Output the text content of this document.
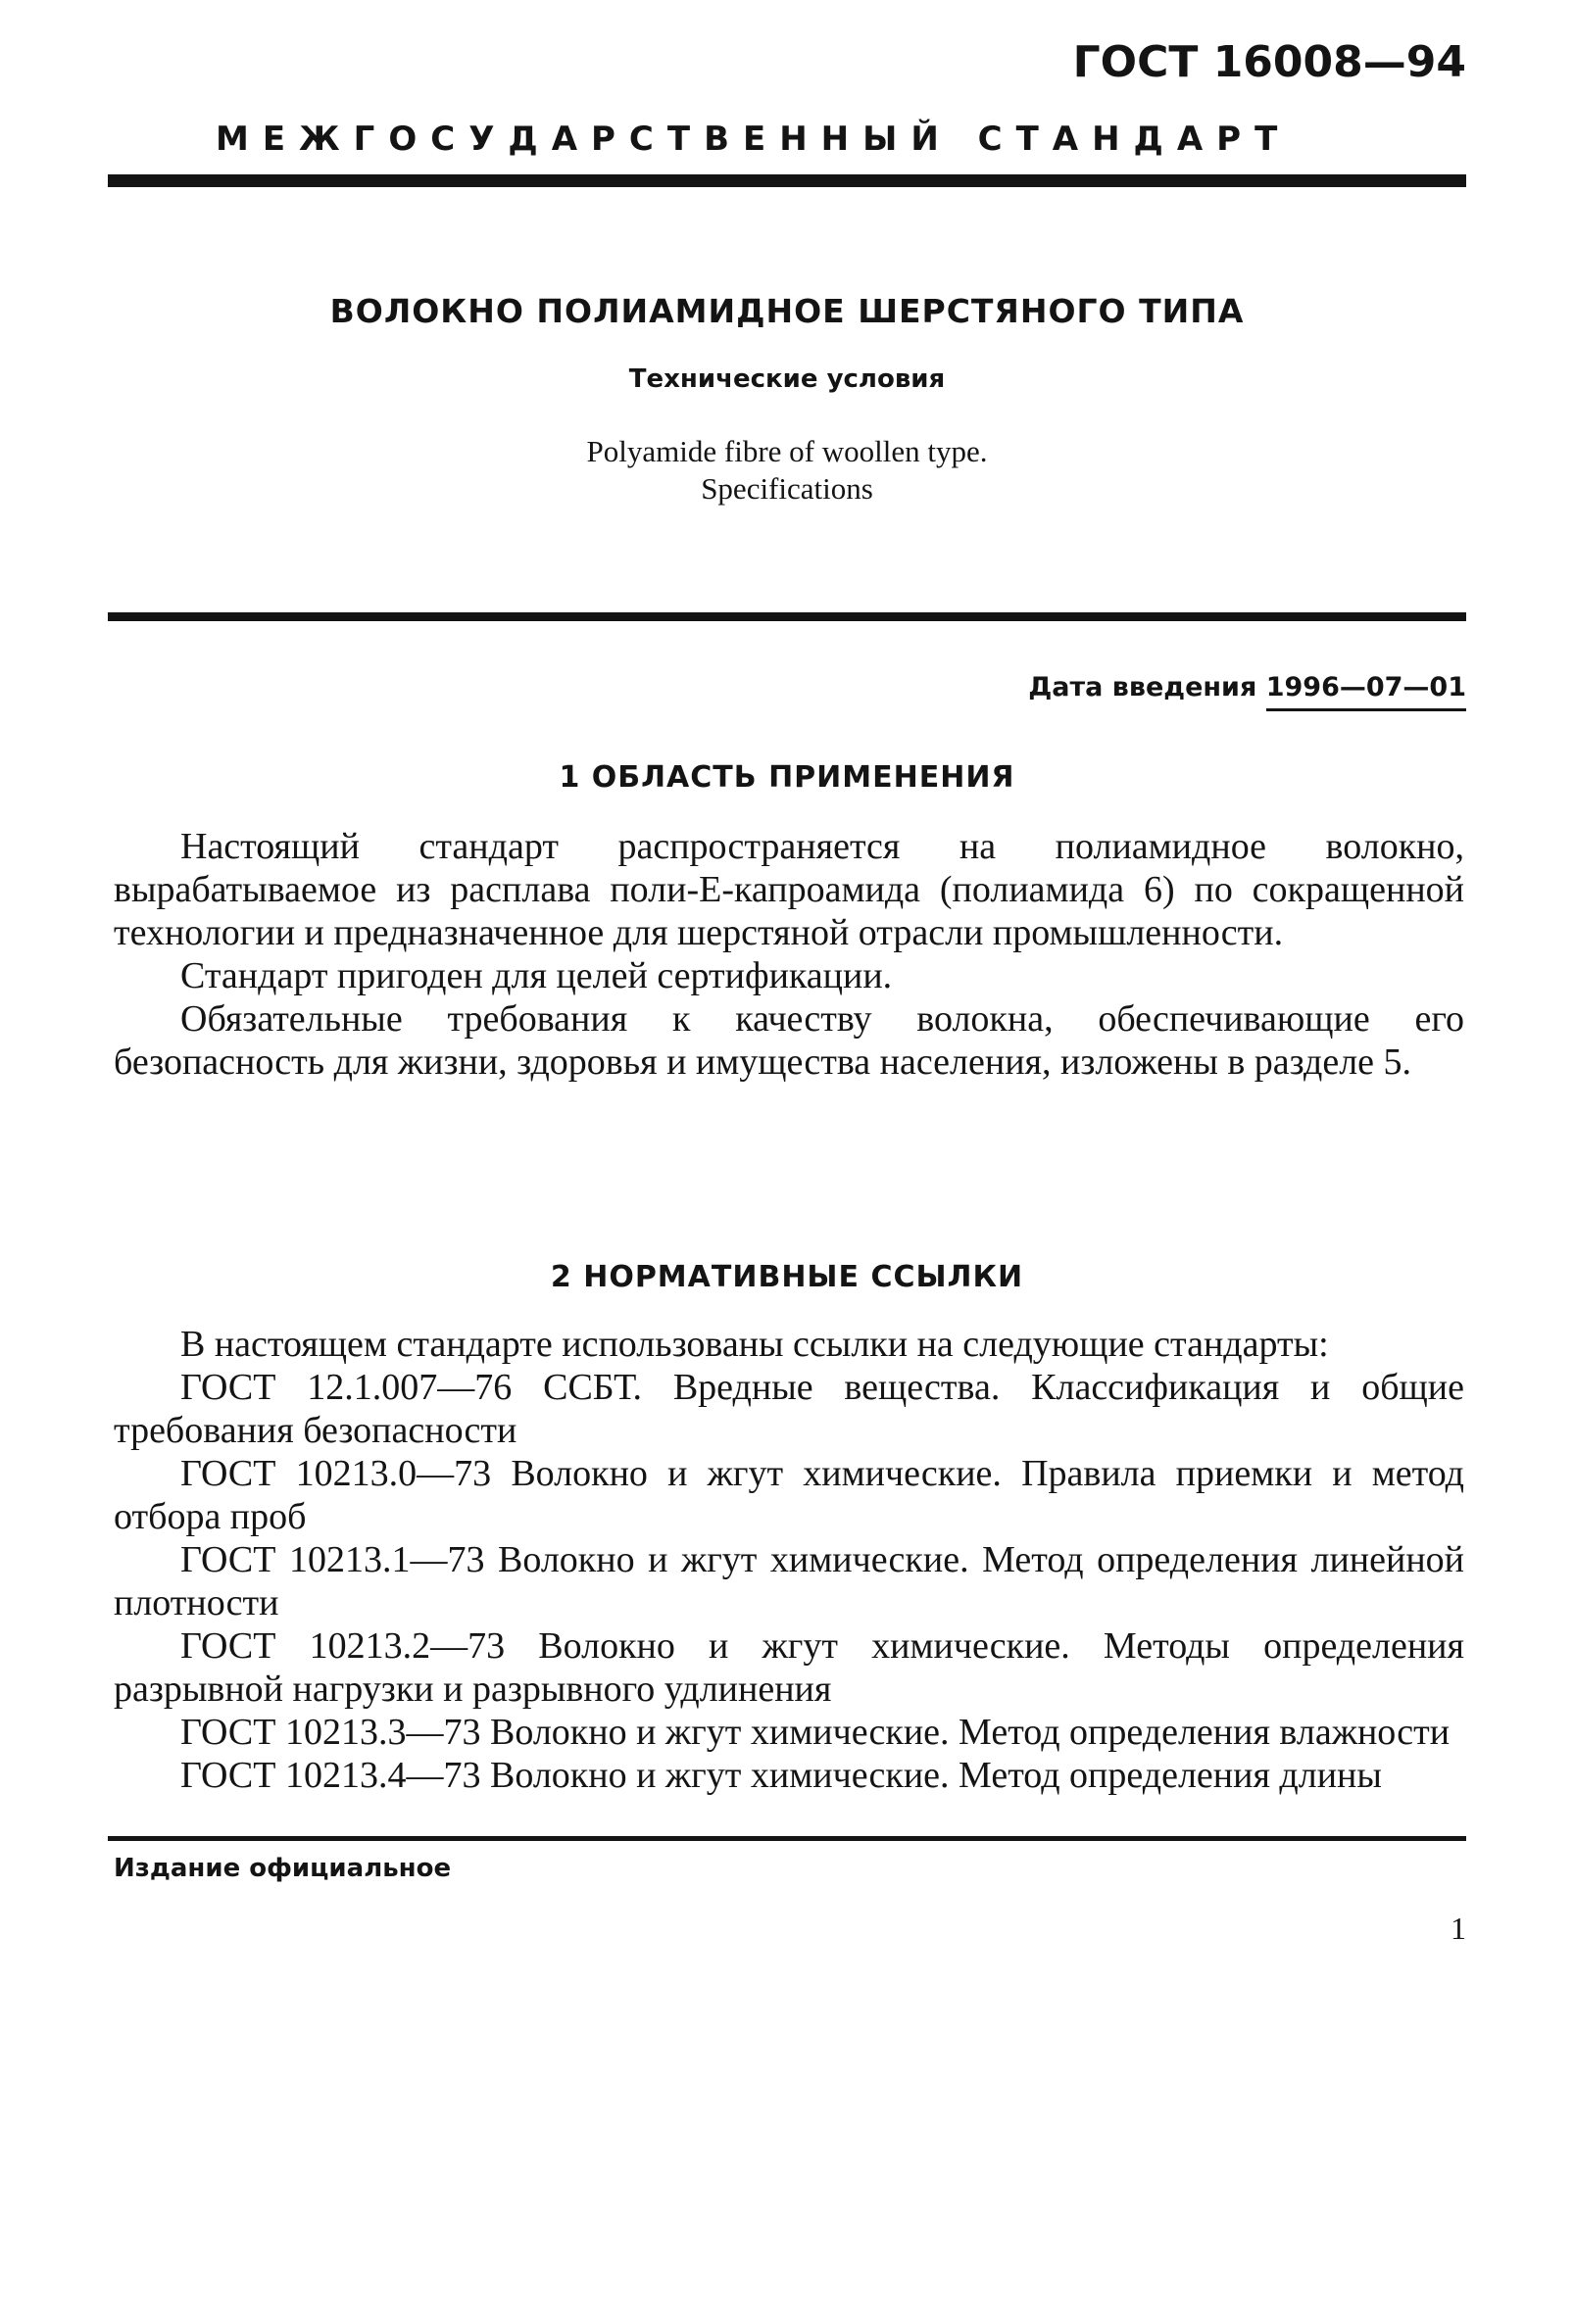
ГОСТ 16008—94
МЕЖГОСУДАРСТВЕННЫЙ СТАНДАРТ
ВОЛОКНО ПОЛИАМИДНОЕ ШЕРСТЯНОГО ТИПА
Технические условия
Polyamide fibre of woollen type.
Specifications
Дата введения 1996—07—01
1 ОБЛАСТЬ ПРИМЕНЕНИЯ

Настоящий стандарт распространяется на полиамидное волокно, вырабатываемое из расплава поли-Е-капроамида (полиамида 6) по сокращенной технологии и предназначенное для шерстяной отрасли промышленности.

Стандарт пригоден для целей сертификации.

Обязательные требования к качеству волокна, обеспечивающие его безопасность для жизни, здоровья и имущества населения, изложены в разделе 5.

2 НОРМАТИВНЫЕ ССЫЛКИ

В настоящем стандарте использованы ссылки на следующие стандарты:

ГОСТ 12.1.007—76 ССБТ. Вредные вещества. Классификация и общие требования безопасности

ГОСТ 10213.0—73 Волокно и жгут химические. Правила приемки и метод отбора проб

ГОСТ 10213.1—73 Волокно и жгут химические. Метод определения линейной плотности

ГОСТ 10213.2—73 Волокно и жгут химические. Методы определения разрывной нагрузки и разрывного удлинения

ГОСТ 10213.3—73 Волокно и жгут химические. Метод определения влажности

ГОСТ 10213.4—73 Волокно и жгут химические. Метод определения длины

Издание официальное
1
